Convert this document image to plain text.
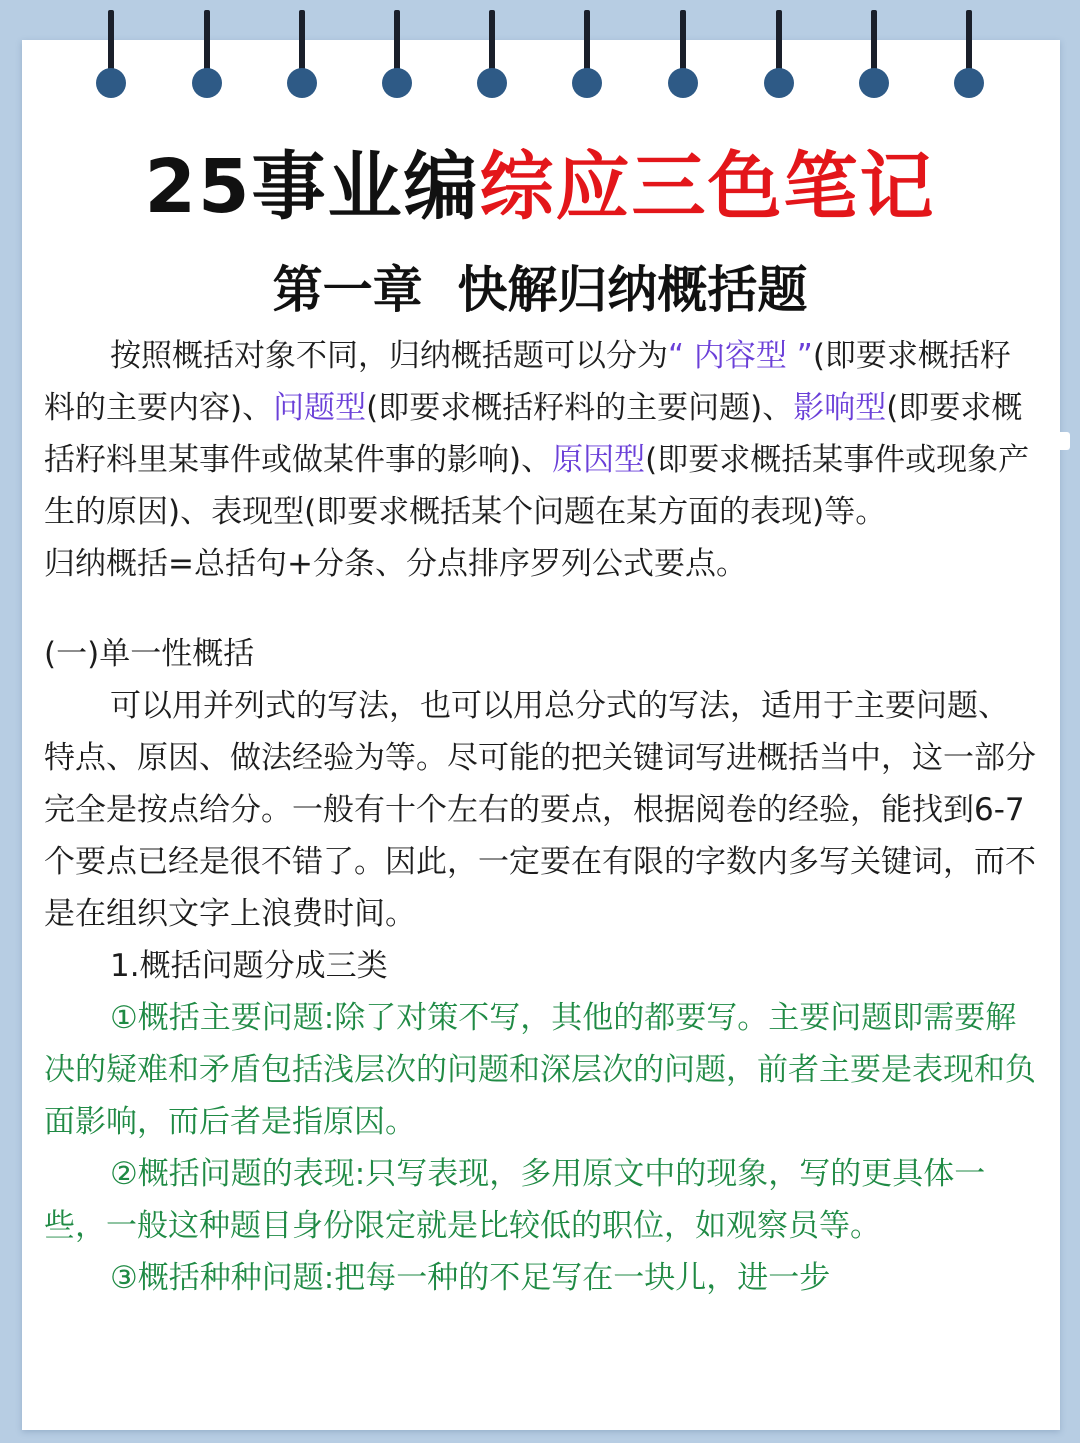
25事业编综应三色笔记
第一章  快解归纳概括题

按照概括对象不同，归纳概括题可以分为“ 内容型 ”(即要求概括籽料的主要内容)、问题型(即要求概括籽料的主要问题)、影响型(即要求概括籽料里某事件或做某件事的影响)、原因型(即要求概括某事件或现象产生的原因)、表现型(即要求概括某个问题在某方面的表现)等。

归纳概括=总括句+分条、分点排序罗列公式要点。

(一)单一性概括

可以用并列式的写法，也可以用总分式的写法，适用于主要问题、特点、原因、做法经验为等。尽可能的把关键词写进概括当中，这一部分完全是按点给分。一般有十个左右的要点，根据阅卷的经验，能找到6-7个要点已经是很不错了。因此，一定要在有限的字数内多写关键词，而不是在组织文字上浪费时间。

1.概括问题分成三类

①概括主要问题:除了对策不写，其他的都要写。主要问题即需要解决的疑难和矛盾包括浅层次的问题和深层次的问题，前者主要是表现和负面影响，而后者是指原因。

②概括问题的表现:只写表现，多用原文中的现象，写的更具体一些，一般这种题目身份限定就是比较低的职位，如观察员等。

③概括种种问题:把每一种的不足写在一块儿，进一步
